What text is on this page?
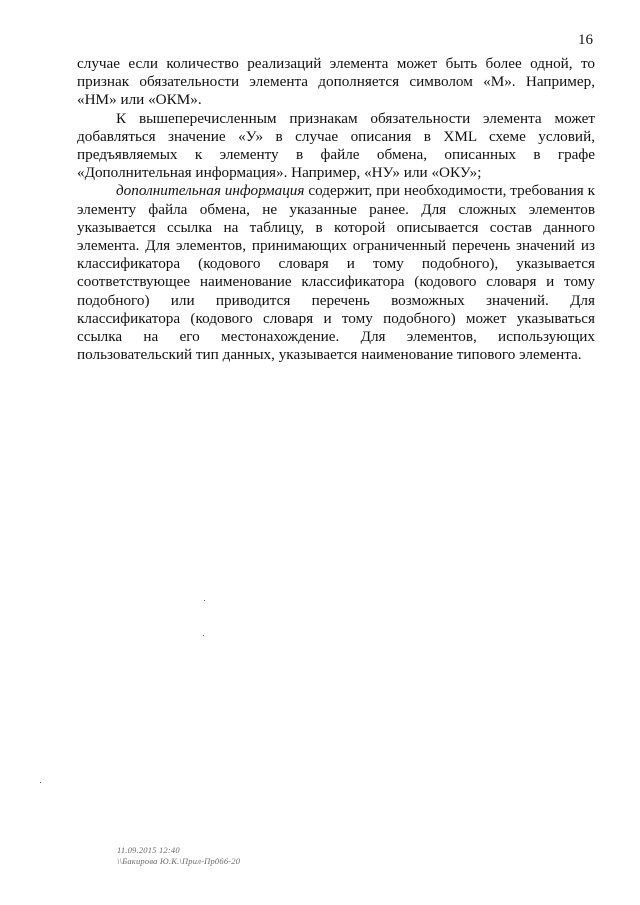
16

случае если количество реализаций элемента может быть более одной, то признак обязательности элемента дополняется символом «М». Например, «НМ» или «ОКМ».

К вышеперечисленным признакам обязательности элемента может добавляться значение «У» в случае описания в XML схеме условий, предъявляемых к элементу в файле обмена, описанных в графе «Дополнительная информация». Например, «НУ» или «ОКУ»;

дополнительная информация содержит, при необходимости, требования к элементу файла обмена, не указанные ранее. Для сложных элементов указывается ссылка на таблицу, в которой описывается состав данного элемента. Для элементов, принимающих ограниченный перечень значений из классификатора (кодового словаря и тому подобного), указывается соответствующее наименование классификатора (кодового словаря и тому подобного) или приводится перечень возможных значений. Для классификатора (кодового словаря и тому подобного) может указываться ссылка на его местонахождение. Для элементов, использующих пользовательский тип данных, указывается наименование типового элемента.

11.09.2015 12:40
\\Бакирова Ю.К.\Прил-Пр066-20
